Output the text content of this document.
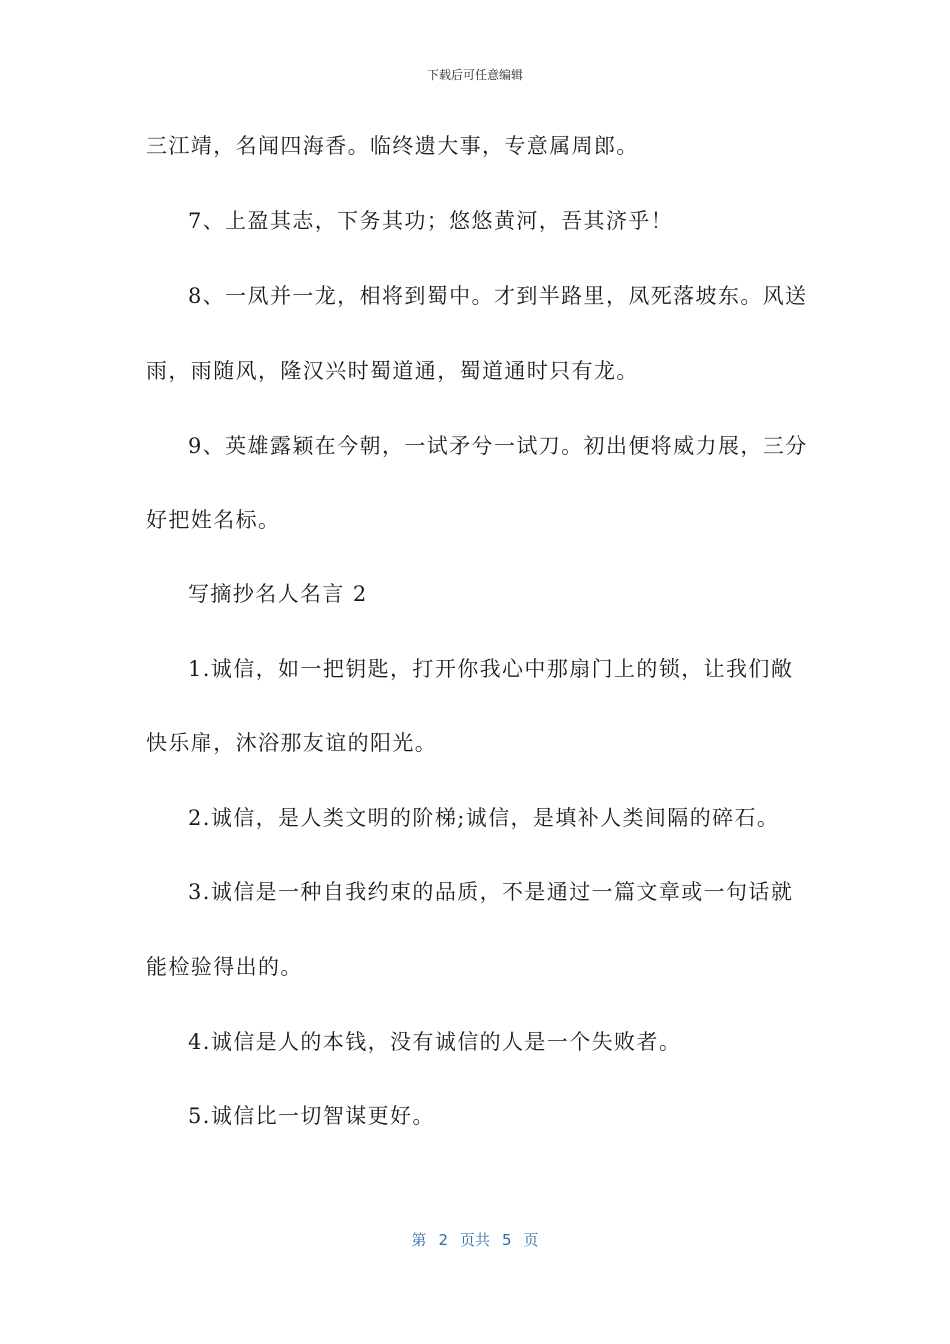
下载后可任意编辑
三江靖，名闻四海香。临终遗大事，专意属周郎。
7、上盈其志，下务其功；悠悠黄河，吾其济乎！
8、一凤并一龙，相将到蜀中。才到半路里，凤死落坡东。风送
雨，雨随风，隆汉兴时蜀道通，蜀道通时只有龙。
9、英雄露颖在今朝，一试矛兮一试刀。初出便将威力展，三分
好把姓名标。
写摘抄名人名言 2
1.诚信，如一把钥匙，打开你我心中那扇门上的锁，让我们敞
快乐扉，沐浴那友谊的阳光。
2.诚信，是人类文明的阶梯;诚信，是填补人类间隔的碎石。
3.诚信是一种自我约束的品质，不是通过一篇文章或一句话就
能检验得出的。
4.诚信是人的本钱，没有诚信的人是一个失败者。
5.诚信比一切智谋更好。
第 2 页共 5 页
